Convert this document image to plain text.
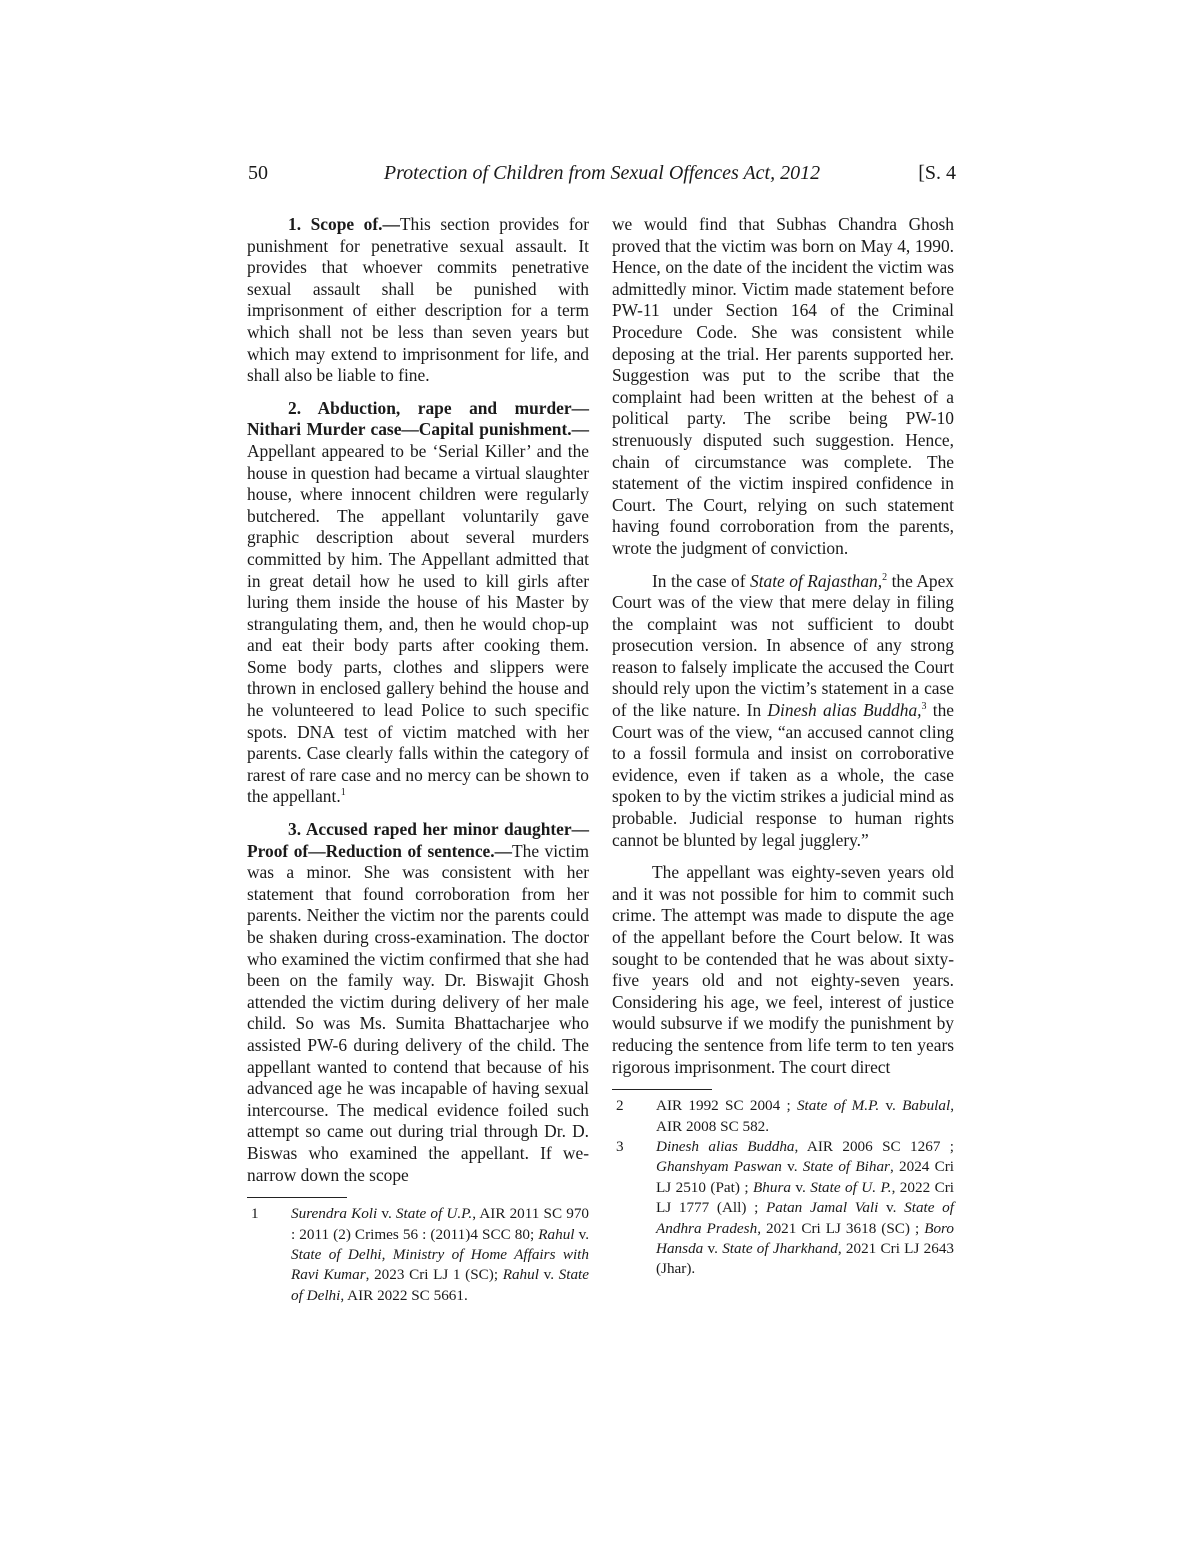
50	Protection of Children from Sexual Offences Act, 2012	[S. 4

1. Scope of.—This section provides for punishment for penetrative sexual assault. It provides that whoever commits penetrative sexual assault shall be punished with imprisonment of either description for a term which shall not be less than seven years but which may extend to imprisonment for life, and shall also be liable to fine.

2. Abduction, rape and murder—Nithari Murder case—Capital punishment.—Appellant appeared to be ‘Serial Killer’ and the house in question had became a virtual slaughter house, where innocent children were regularly butchered. The appellant voluntarily gave graphic description about several murders committed by him. The Appellant admitted that in great detail how he used to kill girls after luring them inside the house of his Master by strangulating them, and, then he would chop-up and eat their body parts after cooking them. Some body parts, clothes and slippers were thrown in enclosed gallery behind the house and he volunteered to lead Police to such specific spots. DNA test of victim matched with her parents. Case clearly falls within the category of rarest of rare case and no mercy can be shown to the appellant.$^1$

3. Accused raped her minor daughter—Proof of—Reduction of sentence.—The victim was a minor. She was consistent with her statement that found corroboration from her parents. Neither the victim nor the parents could be shaken during cross-examination. The doctor who examined the victim confirmed that she had been on the family way. Dr. Biswajit Ghosh attended the victim during delivery of her male child. So was Ms. Sumita Bhattacharjee who assisted PW-6 during delivery of the child. The appellant wanted to contend that because of his advanced age he was incapable of having sexual intercourse. The medical evidence foiled such attempt so came out during trial through Dr. D. Biswas who examined the appellant. If we-narrow down the scope

1	Surendra Koli v. State of U.P., AIR 2011 SC 970 : 2011 (2) Crimes 56 : (2011)4 SCC 80; Rahul v. State of Delhi, Ministry of Home Affairs with Ravi Kumar, 2023 Cri LJ 1 (SC); Rahul v. State of Delhi, AIR 2022 SC 5661.

we would find that Subhas Chandra Ghosh proved that the victim was born on May 4, 1990. Hence, on the date of the incident the victim was admittedly minor. Victim made statement before PW-11 under Section 164 of the Criminal Procedure Code. She was consistent while deposing at the trial. Her parents supported her. Suggestion was put to the scribe that the complaint had been written at the behest of a political party. The scribe being PW-10 strenuously disputed such suggestion. Hence, chain of circumstance was complete. The statement of the victim inspired confidence in Court. The Court, relying on such statement having found corroboration from the parents, wrote the judgment of conviction.

In the case of State of Rajasthan,$^2$ the Apex Court was of the view that mere delay in filing the complaint was not sufficient to doubt prosecution version. In absence of any strong reason to falsely implicate the accused the Court should rely upon the victim’s statement in a case of the like nature. In Dinesh alias Buddha,$^3$ the Court was of the view, “an accused cannot cling to a fossil formula and insist on corroborative evidence, even if taken as a whole, the case spoken to by the victim strikes a judicial mind as probable. Judicial response to human rights cannot be blunted by legal jugglery.”

The appellant was eighty-seven years old and it was not possible for him to commit such crime. The attempt was made to dispute the age of the appellant before the Court below. It was sought to be contended that he was about sixty-five years old and not eighty-seven years. Considering his age, we feel, interest of justice would subsurve if we modify the punishment by reducing the sentence from life term to ten years rigorous imprisonment. The court direct

2	AIR 1992 SC 2004 ; State of M.P. v. Babulal, AIR 2008 SC 582.
3	Dinesh alias Buddha, AIR 2006 SC 1267 ; Ghanshyam Paswan v. State of Bihar, 2024 Cri LJ 2510 (Pat) ; Bhura v. State of U. P., 2022 Cri LJ 1777 (All) ; Patan Jamal Vali v. State of Andhra Pradesh, 2021 Cri LJ 3618 (SC) ; Boro Hansda v. State of Jharkhand, 2021 Cri LJ 2643 (Jhar).
